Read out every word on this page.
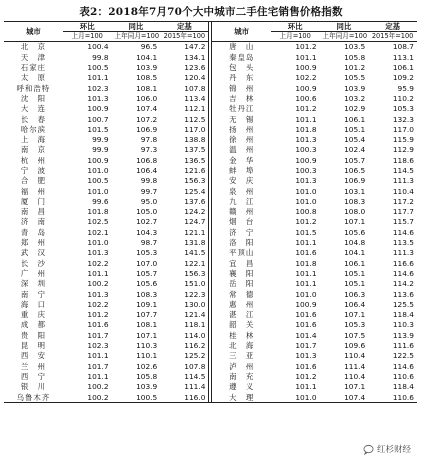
表2：2018年7月70个大中城市二手住宅销售价格指数
城市	环比	同比	定基		城市	环比	同比	定基
	上月=100	上年同月=100	2015年=100			上月=100	上年同月=100	2015年=100
北　京	100.4	96.5	147.2		唐　山	101.2	103.5	108.7
天　津	99.8	104.1	134.1		秦皇岛	101.1	105.8	113.1
石家庄	100.5	103.9	123.6		包　头	100.9	101.2	106.1
太　原	101.1	108.5	120.4		丹　东	102.2	105.5	109.2
呼和浩特	102.3	108.1	107.8		锦　州	100.9	103.9	95.9
沈　阳	101.3	106.0	113.4		吉　林	100.6	103.2	110.2
大　连	100.9	107.4	112.1		牡丹江	101.2	102.9	105.3
长　春	100.7	107.2	112.5		无　锡	101.1	106.1	132.3
哈尔滨	101.5	106.9	117.0		扬　州	101.8	105.1	117.0
上　海	99.9	97.8	138.8		徐　州	101.3	105.4	115.9
南　京	99.9	97.3	137.5		温　州	100.3	102.4	112.9
杭　州	100.9	106.8	136.5		金　华	100.9	105.7	118.6
宁　波	101.0	106.4	121.6		蚌　埠	100.3	106.5	114.5
合　肥	100.5	99.8	156.3		安　庆	101.3	106.9	111.3
福　州	101.0	99.7	125.4		泉　州	101.0	103.1	110.4
厦　门	99.6	95.0	137.6		九　江	101.0	108.3	117.2
南　昌	101.8	105.0	124.2		赣　州	100.8	108.0	117.7
济　南	102.5	102.7	124.7		烟　台	101.2	107.1	115.7
青　岛	102.1	104.3	121.1		济　宁	101.5	105.6	114.6
郑　州	101.0	98.7	131.8		洛　阳	101.1	104.8	113.5
武　汉	101.3	105.3	141.5		平顶山	101.6	104.1	111.3
长　沙	102.2	107.0	122.1		宜　昌	101.8	106.1	116.6
广　州	101.1	105.7	156.3		襄　阳	101.1	105.1	114.6
深　圳	100.2	105.6	151.0		岳　阳	101.1	105.1	114.2
南　宁	101.3	108.3	122.3		常　德	101.0	106.3	113.6
海　口	102.2	109.1	130.0		惠　州	100.9	106.4	125.5
重　庆	101.2	107.7	121.4		湛　江	101.6	107.1	118.4
成　都	101.6	108.1	118.1		韶　关	101.6	105.3	110.3
贵　阳	101.7	107.1	114.0		桂　林	101.4	107.5	113.9
昆　明	102.3	110.3	116.2		北　海	101.7	109.6	111.6
西　安	101.1	110.1	125.2		三　亚	101.3	110.4	122.5
兰　州	101.7	102.6	107.8		泸　州	101.6	111.4	114.6
西　宁	101.1	105.8	114.5		南　充	101.2	110.4	110.6
银　川	100.2	103.9	111.4		遵　义	101.1	107.1	118.4
乌鲁木齐	100.2	100.5	116.0		大　理	101.0	107.4	110.6
红杉财经
